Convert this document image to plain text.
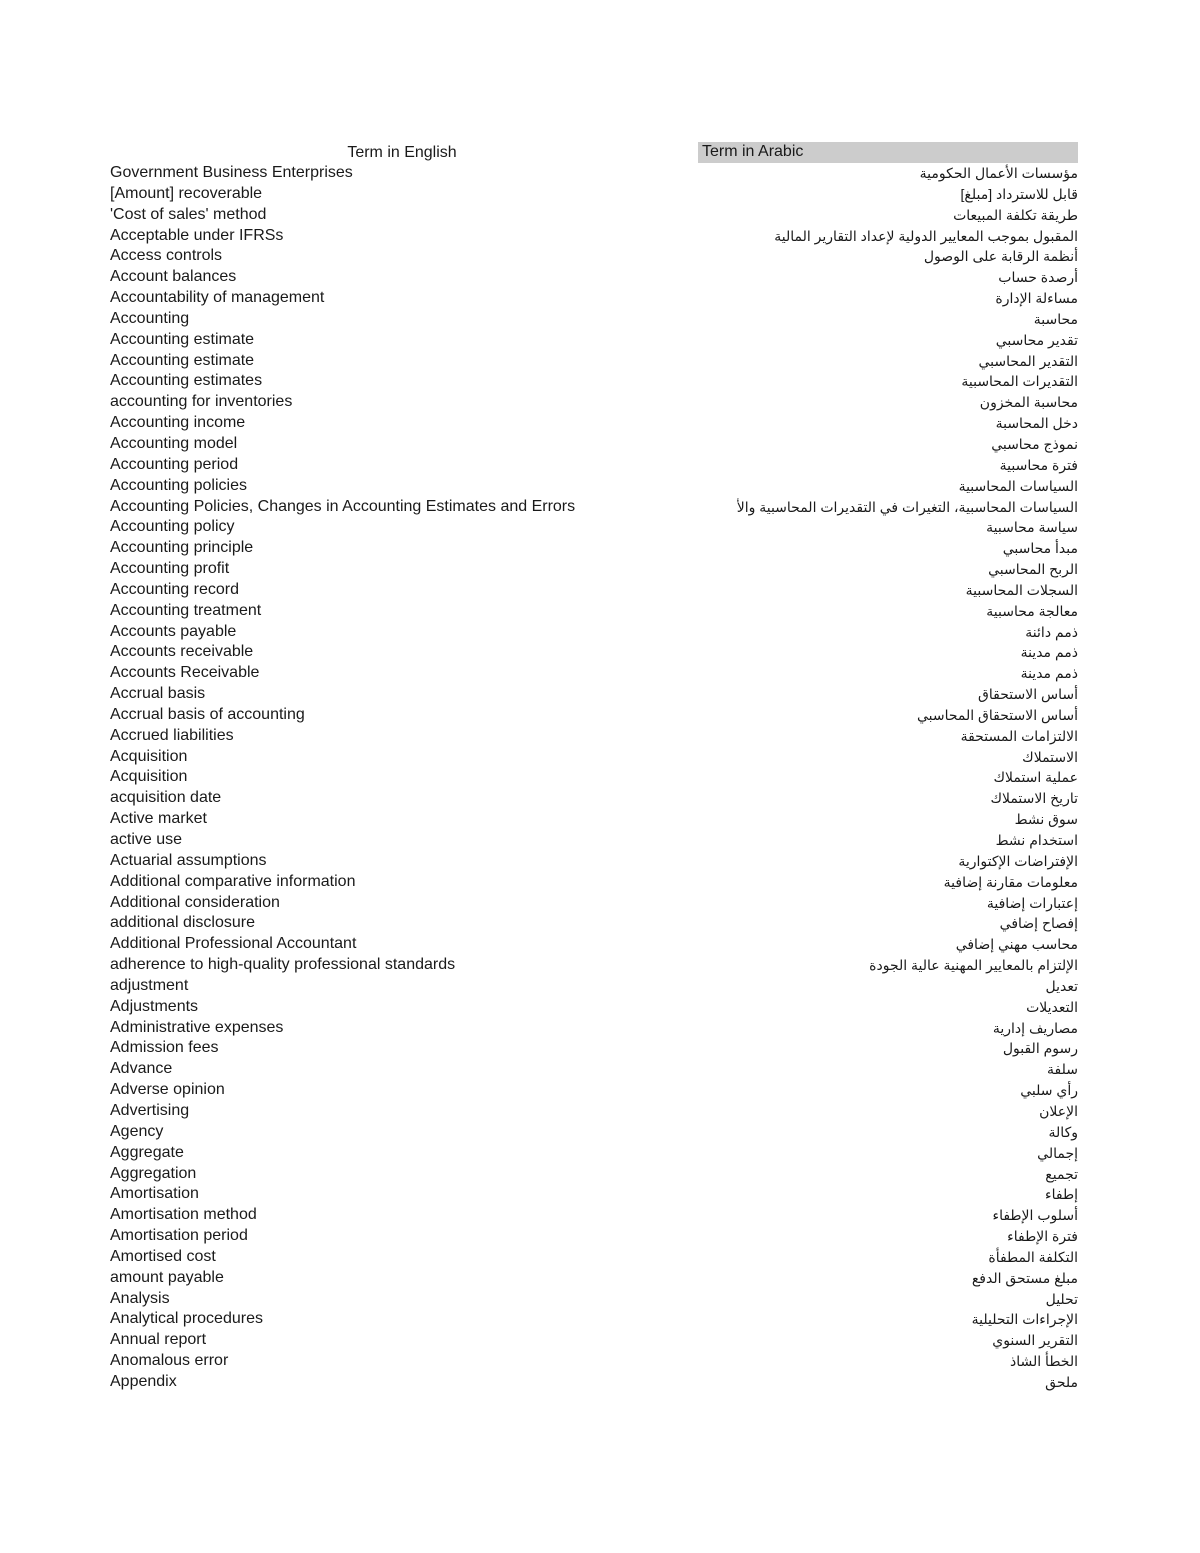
Term in English	Term in Arabic
Government Business Enterprises	مؤسسات الأعمال الحكومية
[Amount] recoverable	قابل للاسترداد [مبلغ]
'Cost of sales' method	طريقة تكلفة المبيعات
Acceptable under IFRSs	المقبول بموجب المعايير الدولية لإعداد التقارير المالية
Access controls	أنظمة الرقابة على الوصول
Account balances	أرصدة حساب
Accountability of management	مساءلة الإدارة
Accounting	محاسبة
Accounting estimate	تقدير محاسبي
Accounting estimate	التقدير المحاسبي
Accounting estimates	التقديرات المحاسبية
accounting for inventories	محاسبة المخزون
Accounting income	دخل المحاسبة
Accounting model	نموذج محاسبي
Accounting period	فترة محاسبية
Accounting policies	السياسات المحاسبية
Accounting Policies, Changes in Accounting Estimates and Errors	السياسات المحاسبية، التغيرات في التقديرات المحاسبية والأ
Accounting policy	سياسة محاسبية
Accounting principle	مبدأ محاسبي
Accounting profit	الربح المحاسبي
Accounting record	السجلات المحاسبية
Accounting treatment	معالجة محاسبية
Accounts payable	ذمم دائنة
Accounts receivable	ذمم مدينة
Accounts Receivable	ذمم مدينة
Accrual basis	أساس الاستحقاق
Accrual basis of accounting	أساس الاستحقاق المحاسبي
Accrued liabilities	الالتزامات المستحقة
Acquisition	الاستملاك
Acquisition	عملية استملاك
acquisition date	تاريخ الاستملاك
Active market	سوق نشط
active use	استخدام نشط
Actuarial assumptions	الإفتراضات الإكتوارية
Additional comparative information	معلومات مقارنة إضافية
Additional consideration	إعتبارات إضافية
additional disclosure	إفصاح إضافي
Additional Professional Accountant	محاسب مهني إضافي
adherence to high-quality professional standards	الإلتزام بالمعايير المهنية عالية الجودة
adjustment	تعديل
Adjustments	التعديلات
Administrative expenses	مصاريف إدارية
Admission fees	رسوم القبول
Advance	سلفة
Adverse opinion	رأي سلبي
Advertising	الإعلان
Agency	وكالة
Aggregate	إجمالي
Aggregation	تجميع
Amortisation	إطفاء
Amortisation method	أسلوب الإطفاء
Amortisation period	فترة الإطفاء
Amortised cost	التكلفة المطفأة
amount payable	مبلغ مستحق الدفع
Analysis	تحليل
Analytical procedures	الإجراءات التحليلية
Annual report	التقرير السنوي
Anomalous error	الخطأ الشاذ
Appendix	ملحق
